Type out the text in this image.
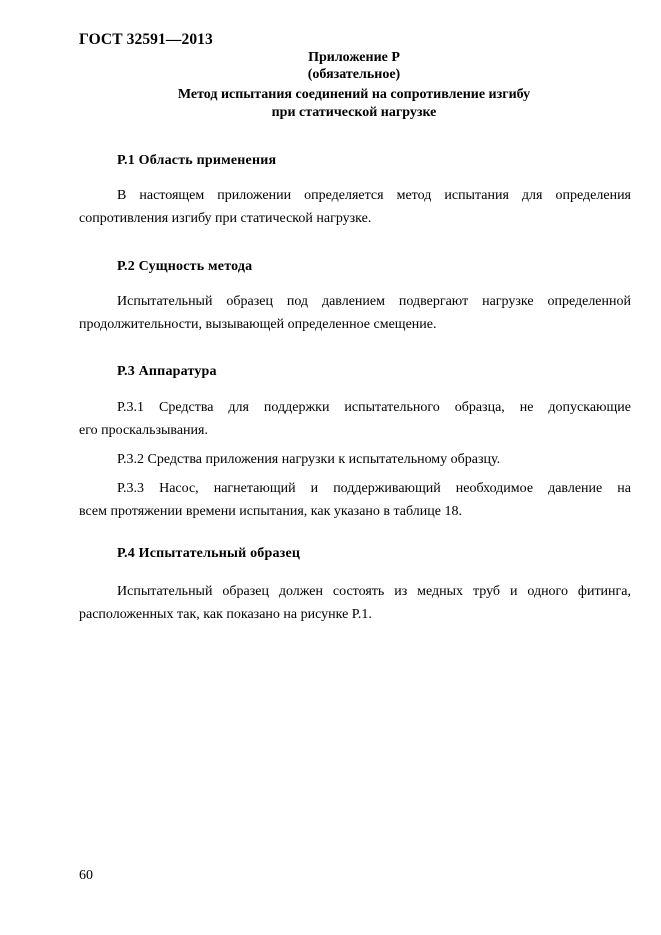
ГОСТ 32591—2013
Приложение Р
(обязательное)
Метод испытания соединений на сопротивление изгибу
при статической нагрузке
Р.1 Область применения
В настоящем приложении определяется метод испытания для определения
сопротивления изгибу при статической нагрузке.
Р.2 Сущность метода
Испытательный образец под давлением подвергают нагрузке определенной
продолжительности, вызывающей определенное смещение.
Р.3 Аппаратура
Р.3.1 Средства для поддержки испытательного образца, не допускающие
его проскальзывания.
Р.3.2 Средства приложения нагрузки к испытательному образцу.
Р.3.3 Насос, нагнетающий и поддерживающий необходимое давление на
всем протяжении времени испытания, как указано в таблице 18.
Р.4 Испытательный образец
Испытательный образец должен состоять из медных труб и одного фитинга,
расположенных так, как показано на рисунке Р.1.
60
